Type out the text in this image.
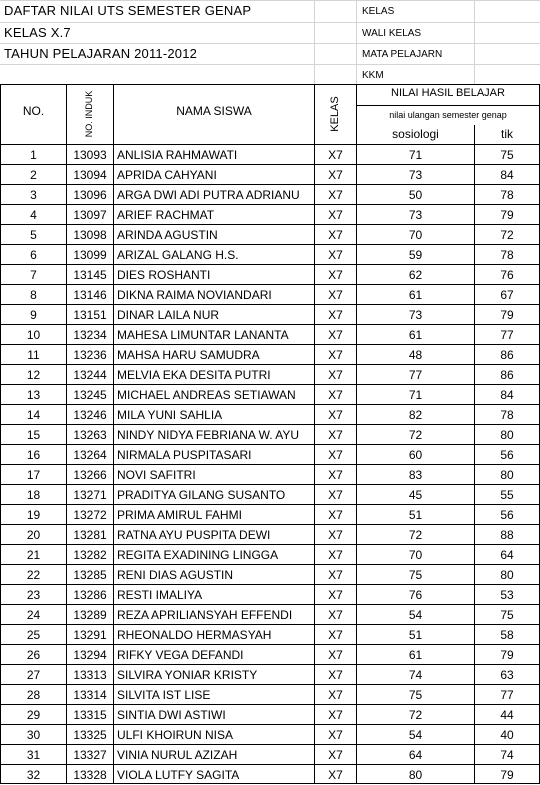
DAFTAR NILAI UTS SEMESTER GENAP
KELAS X.7
TAHUN PELAJARAN 2011-2012
KELAS
WALI KELAS
MATA PELAJARN
KKM
NO.	NO. INDUK	NAMA SISWA	KELAS
NILAI HASIL BELAJAR
nilai ulangan semester genap
sosiologi	tik
1	13093 ANLISIA RAHMAWATI	X7	71	75
2	13094 APRIDA CAHYANI	X7	73	84
3	13096 ARGA DWI ADI PUTRA ADRIANU	X7	50	78
4	13097 ARIEF RACHMAT	X7	73	79
5	13098 ARINDA AGUSTIN	X7	70	72
6	13099 ARIZAL GALANG H.S.	X7	59	78
7	13145 DIES ROSHANTI	X7	62	76
8	13146 DIKNA RAIMA NOVIANDARI	X7	61	67
9	13151 DINAR LAILA NUR	X7	73	79
10	13234 MAHESA LIMUNTAR LANANTA	X7	61	77
11	13236 MAHSA HARU SAMUDRA	X7	48	86
12	13244 MELVIA EKA DESITA PUTRI	X7	77	86
13	13245 MICHAEL ANDREAS SETIAWAN	X7	71	84
14	13246 MILA YUNI SAHLIA	X7	82	78
15	13263 NINDY NIDYA FEBRIANA W. AYU	X7	72	80
16	13264 NIRMALA PUSPITASARI	X7	60	56
17	13266 NOVI SAFITRI	X7	83	80
18	13271 PRADITYA GILANG SUSANTO	X7	45	55
19	13272 PRIMA AMIRUL FAHMI	X7	51	56
20	13281 RATNA AYU PUSPITA DEWI	X7	72	88
21	13282 REGITA EXADINING LINGGA	X7	70	64
22	13285 RENI DIAS AGUSTIN	X7	75	80
23	13286 RESTI IMALIYA	X7	76	53
24	13289 REZA APRILIANSYAH EFFENDI	X7	54	75
25	13291 RHEONALDO HERMASYAH	X7	51	58
26	13294 RIFKY VEGA DEFANDI	X7	61	79
27	13313 SILVIRA YONIAR KRISTY	X7	74	63
28	13314 SILVITA IST LISE	X7	75	77
29	13315 SINTIA DWI ASTIWI	X7	72	44
30	13325 ULFI KHOIRUN NISA	X7	54	40
31	13327 VINIA NURUL AZIZAH	X7	64	74
32	13328 VIOLA LUTFY SAGITA	X7	80	79
